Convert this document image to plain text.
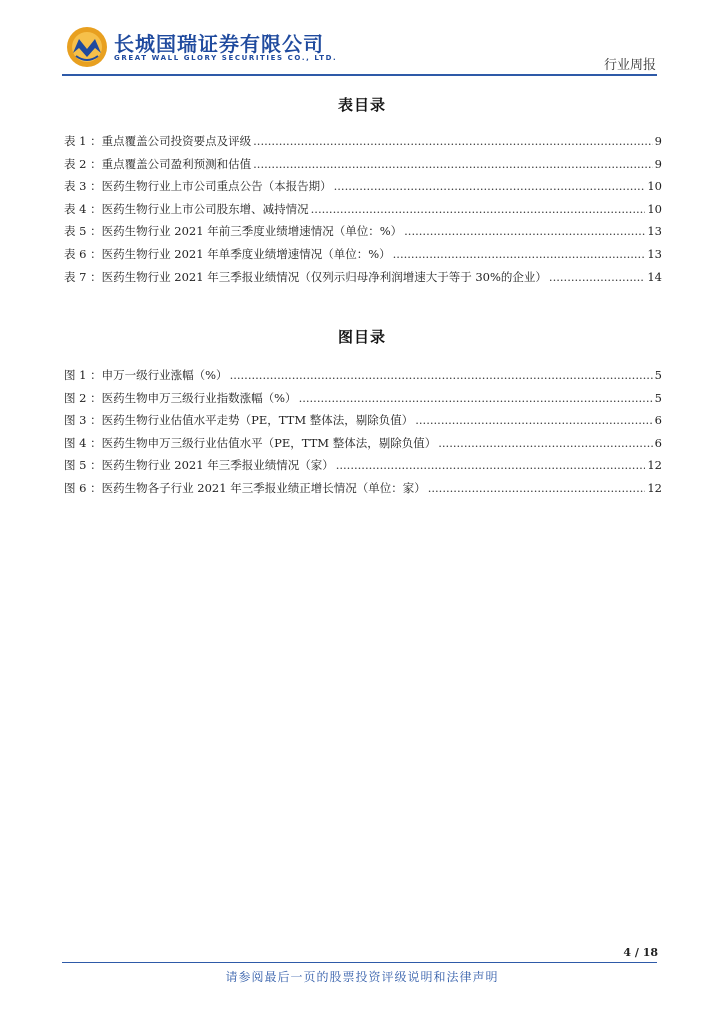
长城国瑞证券有限公司
GREAT WALL GLORY SECURITIES CO., LTD.	行业周报
表目录
表 1 ：重点覆盖公司投资要点及评级 .....	9
表 2 ：重点覆盖公司盈利预测和估值 .....	9
表 3 ：医药生物行业上市公司重点公告（本报告期） .....	10
表 4 ：医药生物行业上市公司股东增、减持情况 .....	10
表 5 ：医药生物行业 2021 年前三季度业绩增速情况（单位：%） .....	13
表 6 ：医药生物行业 2021 年单季度业绩增速情况（单位：%） .....	13
表 7 ：医药生物行业 2021 年三季报业绩情况（仅列示归母净利润增速大于等于 30%的企业） .....	14
图目录
图 1 ：申万一级行业涨幅（%） .....	5
图 2 ：医药生物申万三级行业指数涨幅（%） .....	5
图 3 ：医药生物行业估值水平走势（PE，TTM 整体法，剔除负值） .....	6
图 4 ：医药生物申万三级行业估值水平（PE，TTM 整体法，剔除负值） .....	6
图 5 ：医药生物行业 2021 年三季报业绩情况（家） .....	12
图 6 ：医药生物各子行业 2021 年三季报业绩正增长情况（单位：家） .....	12
4 / 18
请参阅最后一页的股票投资评级说明和法律声明
